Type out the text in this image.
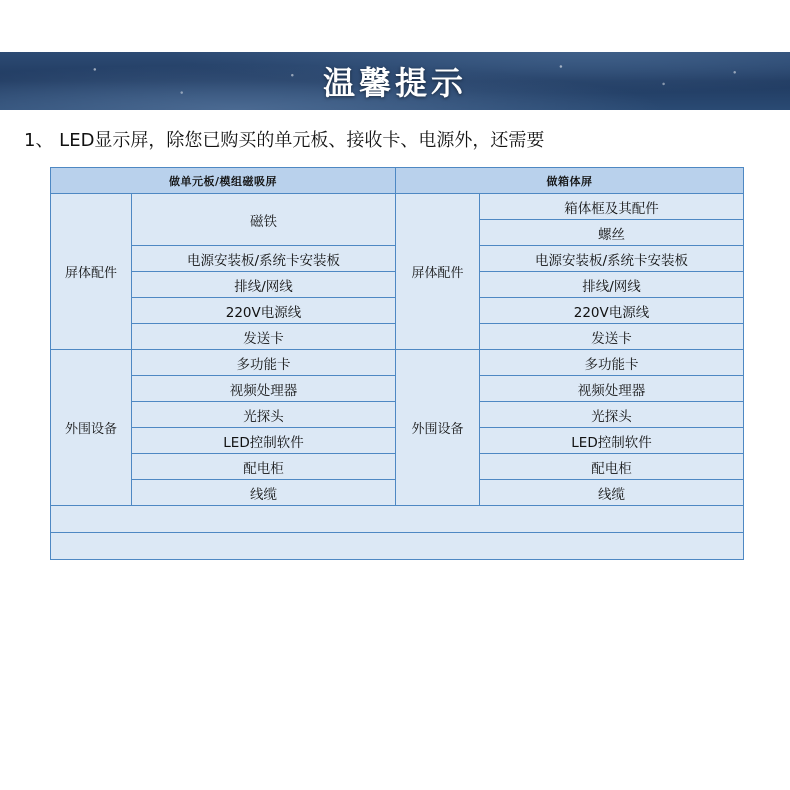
温馨提示
1、 LED显示屏，除您已购买的单元板、接收卡、电源外，还需要
做单元板/模组磁吸屏		做箱体屏	
屏体配件	磁铁	屏体配件	箱体框及其配件
			螺丝
	电源安装板/系统卡安装板		电源安装板/系统卡安装板
	排线/网线		排线/网线
	220V电源线		220V电源线
	发送卡		发送卡
外围设备	多功能卡	外围设备	多功能卡
	视频处理器		视频处理器
	光探头		光探头
	LED控制软件		LED控制软件
	配电柜		配电柜
	线缆		线缆
